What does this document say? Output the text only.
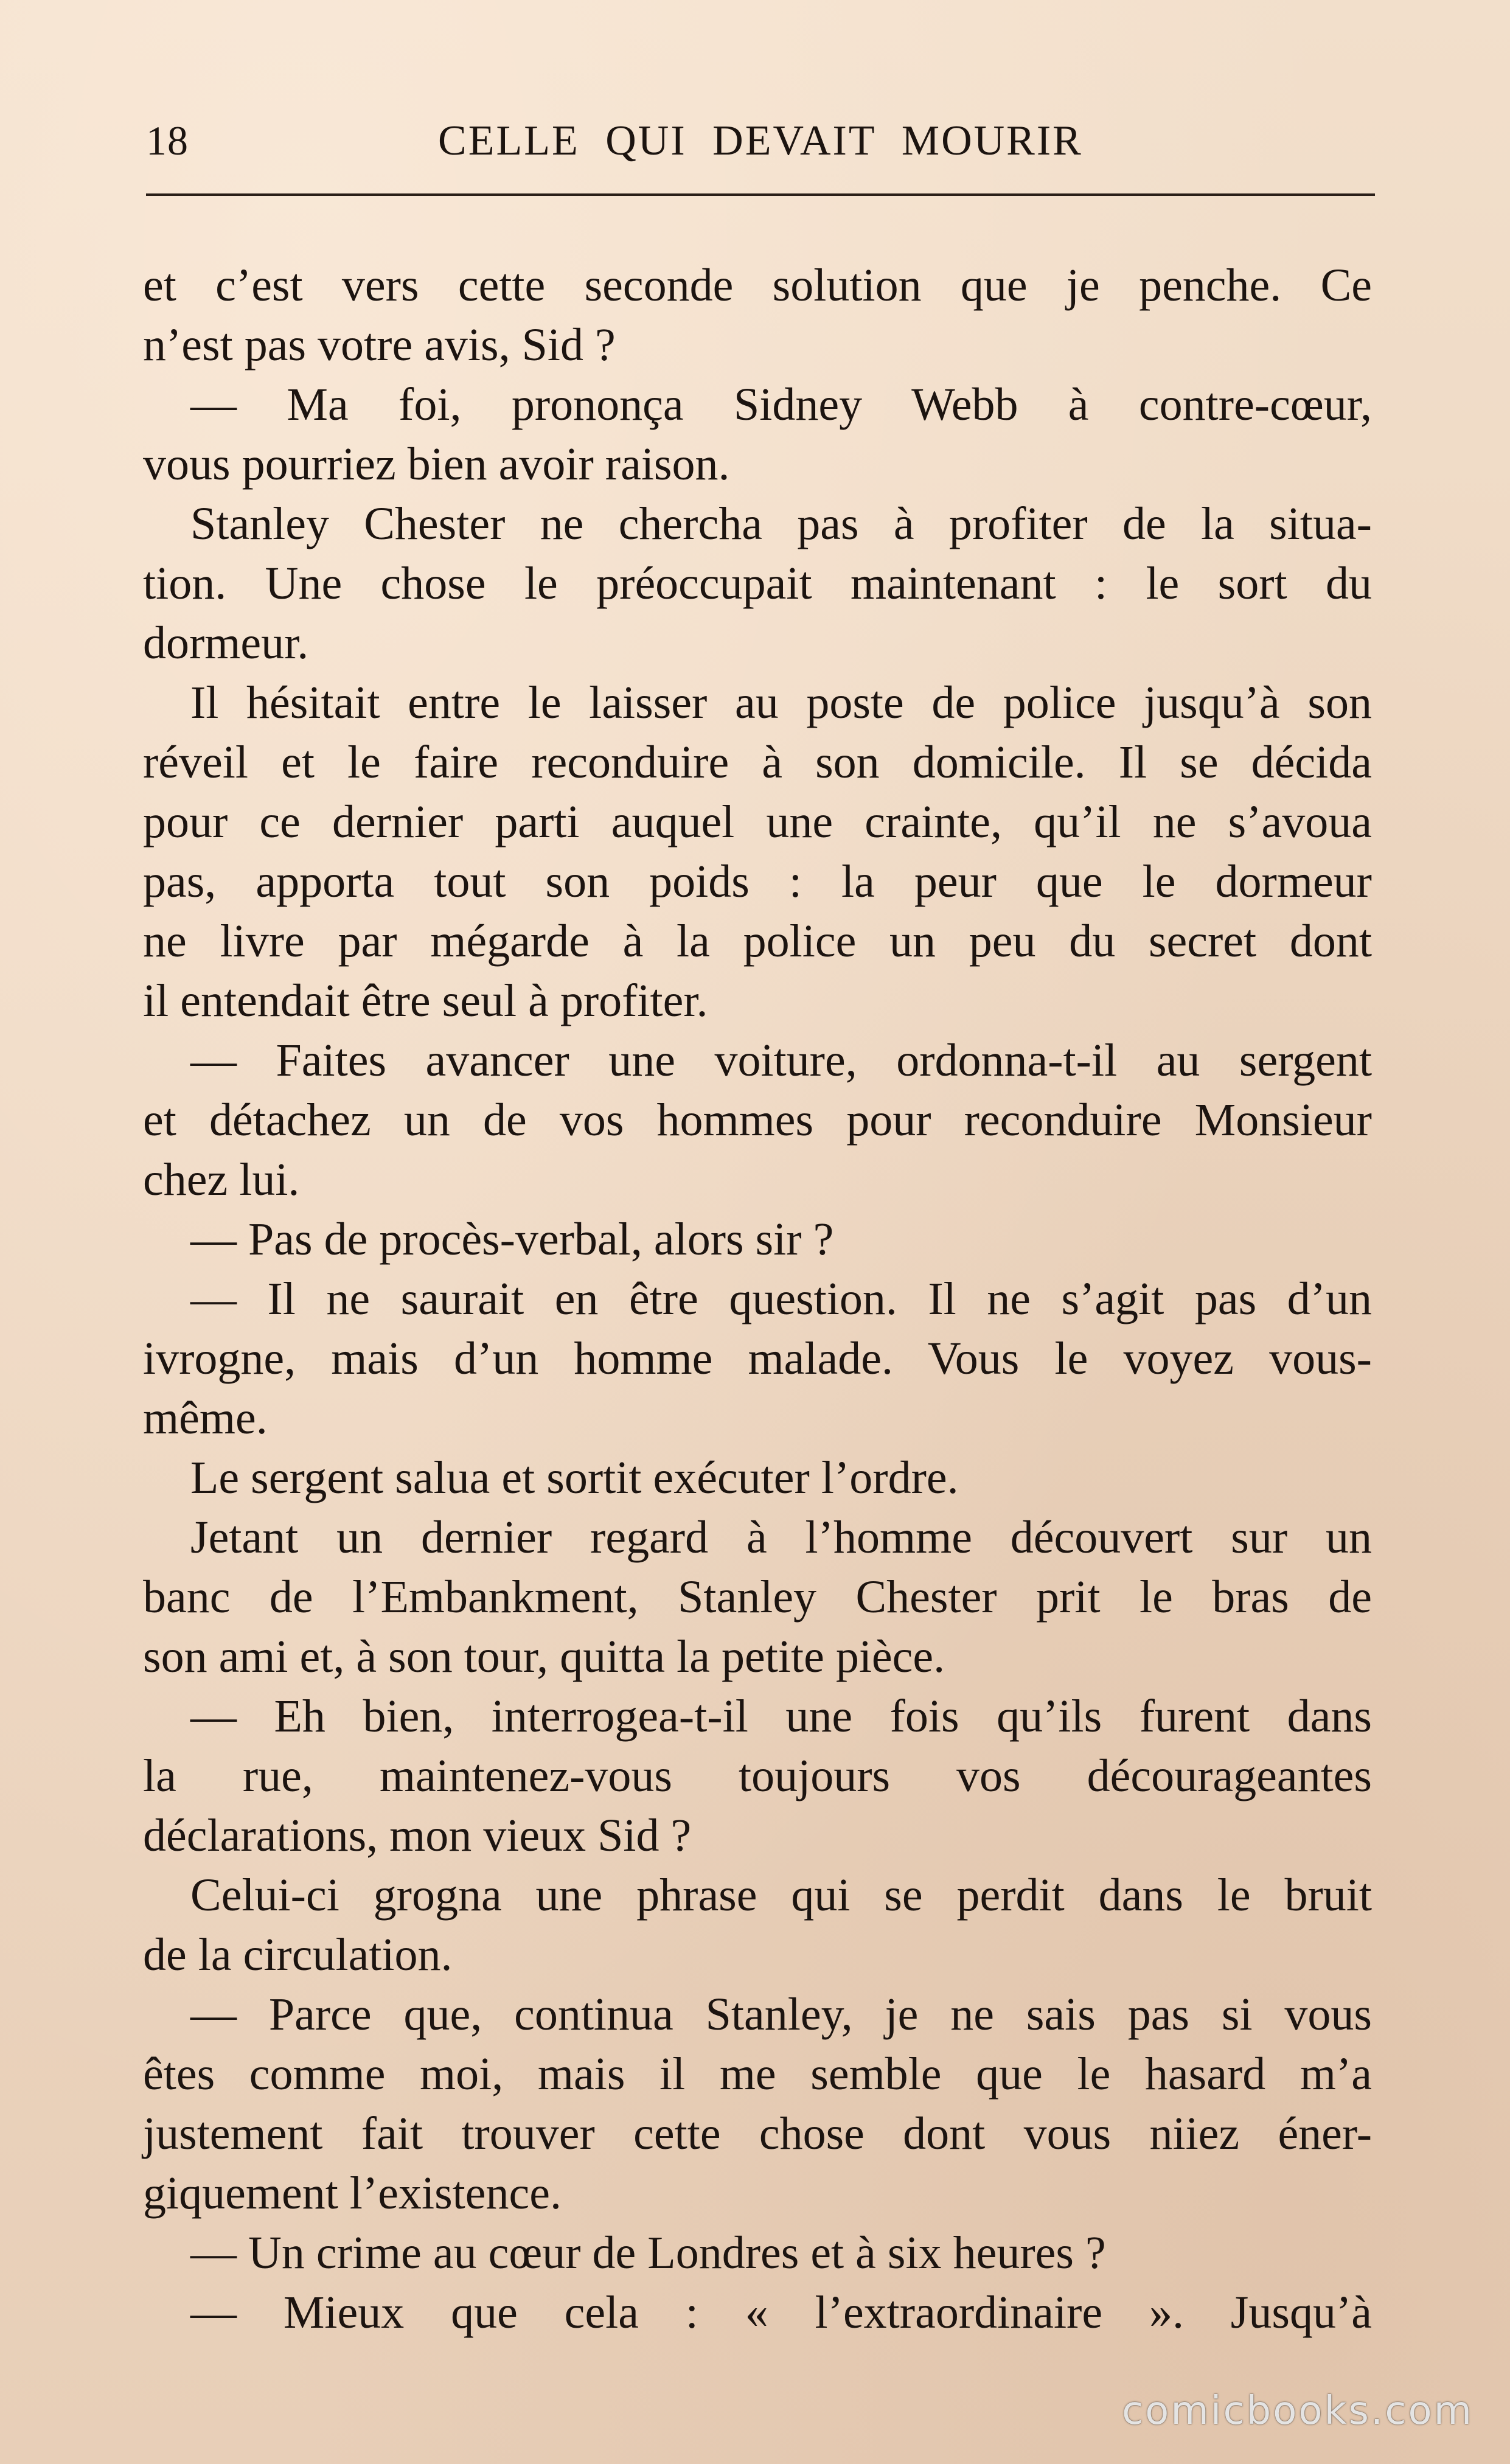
18	CELLE QUI DEVAIT MOURIR
et c’est vers cette seconde solution que je penche. Ce
n’est pas votre avis, Sid ?
— Ma foi, prononça Sidney Webb à contre-cœur,
vous pourriez bien avoir raison.
Stanley Chester ne chercha pas à profiter de la situa-
tion. Une chose le préoccupait maintenant : le sort du
dormeur.
Il hésitait entre le laisser au poste de police jusqu’à son
réveil et le faire reconduire à son domicile. Il se décida
pour ce dernier parti auquel une crainte, qu’il ne s’avoua
pas, apporta tout son poids : la peur que le dormeur
ne livre par mégarde à la police un peu du secret dont
il entendait être seul à profiter.
— Faites avancer une voiture, ordonna-t-il au sergent
et détachez un de vos hommes pour reconduire Monsieur
chez lui.
— Pas de procès-verbal, alors sir ?
— Il ne saurait en être question. Il ne s’agit pas d’un
ivrogne, mais d’un homme malade. Vous le voyez vous-
même.
Le sergent salua et sortit exécuter l’ordre.
Jetant un dernier regard à l’homme découvert sur un
banc de l’Embankment, Stanley Chester prit le bras de
son ami et, à son tour, quitta la petite pièce.
— Eh bien, interrogea-t-il une fois qu’ils furent dans
la rue, maintenez-vous toujours vos décourageantes
déclarations, mon vieux Sid ?
Celui-ci grogna une phrase qui se perdit dans le bruit
de la circulation.
— Parce que, continua Stanley, je ne sais pas si vous
êtes comme moi, mais il me semble que le hasard m’a
justement fait trouver cette chose dont vous niiez éner-
giquement l’existence.
— Un crime au cœur de Londres et à six heures ?
— Mieux que cela : « l’extraordinaire ». Jusqu’à
comicbooks.com
